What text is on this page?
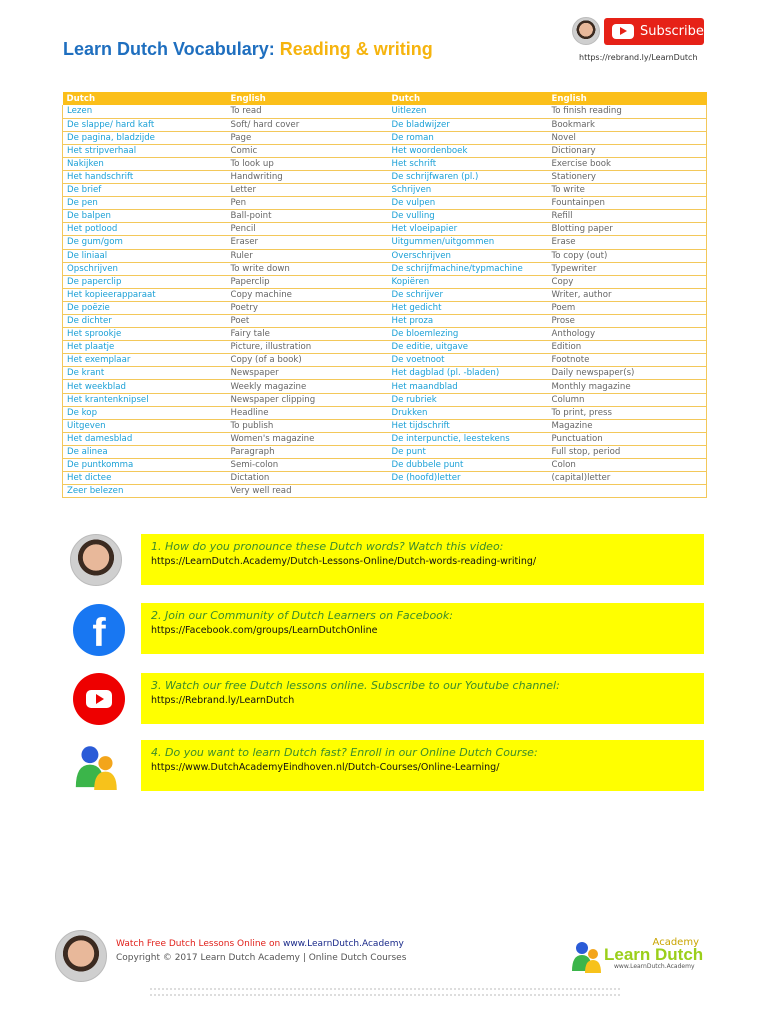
Learn Dutch Vocabulary: Reading & writing
Subscribe
https://rebrand.ly/LearnDutch
Dutch	English	Dutch	English
Lezen	To read	Uitlezen	To finish reading
De slappe/ hard kaft	Soft/ hard cover	De bladwijzer	Bookmark
De pagina, bladzijde	Page	De roman	Novel
Het stripverhaal	Comic	Het woordenboek	Dictionary
Nakijken	To look up	Het schrift	Exercise book
Het handschrift	Handwriting	De schrijfwaren (pl.)	Stationery
De brief	Letter	Schrijven	To write
De pen	Pen	De vulpen	Fountainpen
De balpen	Ball-point	De vulling	Refill
Het potlood	Pencil	Het vloeipapier	Blotting paper
De gum/gom	Eraser	Uitgummen/uitgommen	Erase
De liniaal	Ruler	Overschrijven	To copy (out)
Opschrijven	To write down	De schrijfmachine/typmachine	Typewriter
De paperclip	Paperclip	Kopiëren	Copy
Het kopieerapparaat	Copy machine	De schrijver	Writer, author
De poëzie	Poetry	Het gedicht	Poem
De dichter	Poet	Het proza	Prose
Het sprookje	Fairy tale	De bloemlezing	Anthology
Het plaatje	Picture, illustration	De editie, uitgave	Edition
Het exemplaar	Copy (of a book)	De voetnoot	Footnote
De krant	Newspaper	Het dagblad (pl. -bladen)	Daily newspaper(s)
Het weekblad	Weekly magazine	Het maandblad	Monthly magazine
Het krantenknipsel	Newspaper clipping	De rubriek	Column
De kop	Headline	Drukken	To print, press
Uitgeven	To publish	Het tijdschrift	Magazine
Het damesblad	Women's magazine	De interpunctie, leestekens	Punctuation
De alinea	Paragraph	De punt	Full stop, period
De puntkomma	Semi-colon	De dubbele punt	Colon
Het dictee	Dictation	De (hoofd)letter	(capital)letter
Zeer belezen	Very well read		
1. How do you pronounce these Dutch words? Watch this video:
https://LearnDutch.Academy/Dutch-Lessons-Online/Dutch-words-reading-writing/
f	2. Join our Community of Dutch Learners on Facebook:
https://Facebook.com/groups/LearnDutchOnline
3. Watch our free Dutch lessons online. Subscribe to our Youtube channel:
https://Rebrand.ly/LearnDutch
4. Do you want to learn Dutch fast? Enroll in our Online Dutch Course:
https://www.DutchAcademyEindhoven.nl/Dutch-Courses/Online-Learning/
Watch Free Dutch Lessons Online on www.LearnDutch.Academy
Copyright © 2017 Learn Dutch Academy | Online Dutch Courses
Academy
Learn Dutch
www.LearnDutch.Academy
